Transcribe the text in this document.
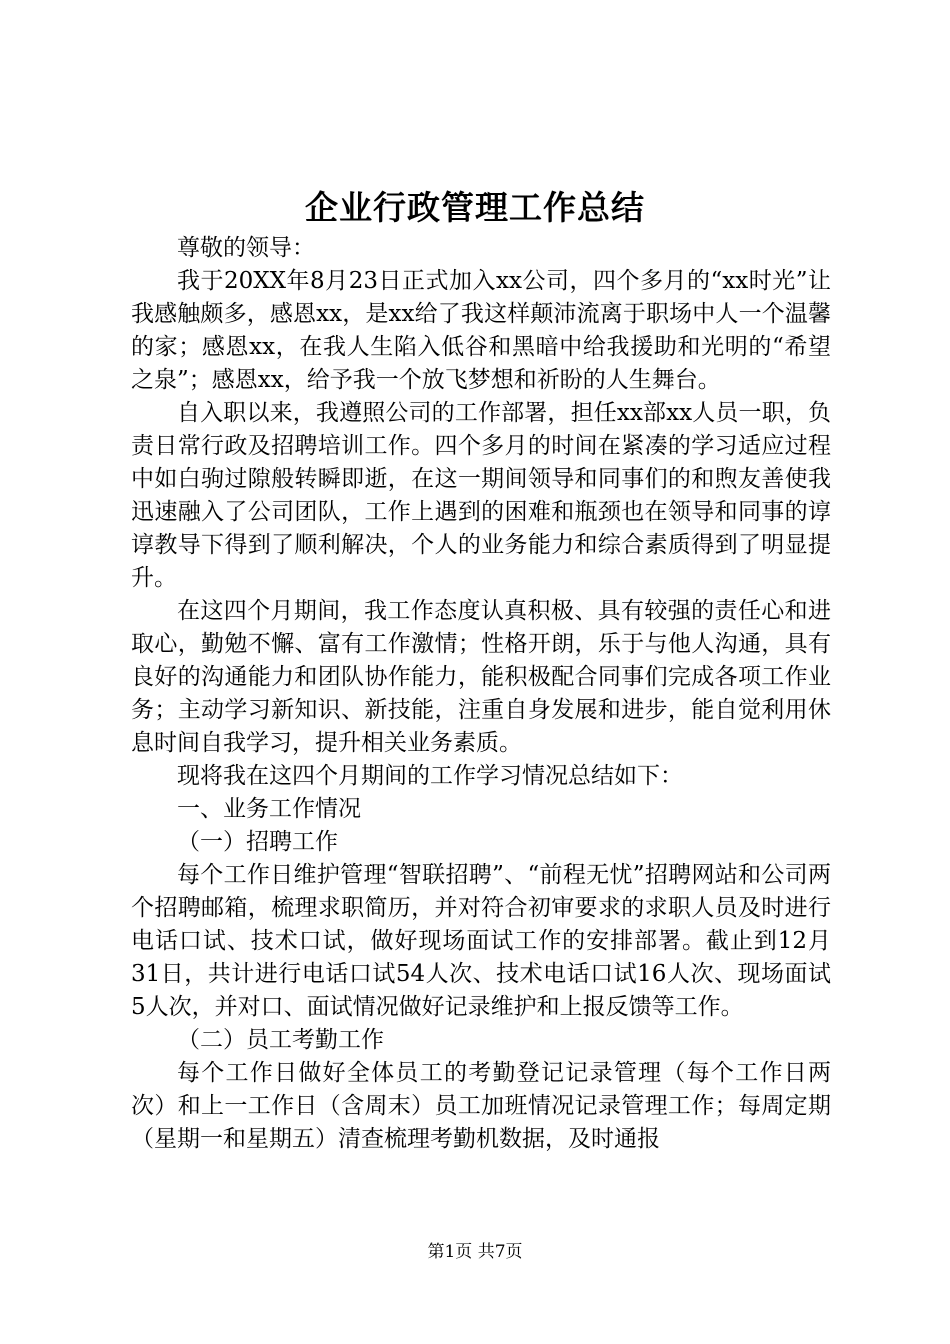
企业行政管理工作总结

尊敬的领导：

我于20XX年8月23日正式加入xx公司，四个多月的“xx时光”让我感触颇多，感恩xx，是xx给了我这样颠沛流离于职场中人一个温馨的家；感恩xx，在我人生陷入低谷和黑暗中给我援助和光明的“希望之泉”；感恩xx，给予我一个放飞梦想和祈盼的人生舞台。

自入职以来，我遵照公司的工作部署，担任xx部xx人员一职，负责日常行政及招聘培训工作。四个多月的时间在紧凑的学习适应过程中如白驹过隙般转瞬即逝，在这一期间领导和同事们的和煦友善使我迅速融入了公司团队，工作上遇到的困难和瓶颈也在领导和同事的谆谆教导下得到了顺利解决，个人的业务能力和综合素质得到了明显提升。

在这四个月期间，我工作态度认真积极、具有较强的责任心和进取心，勤勉不懈、富有工作激情；性格开朗，乐于与他人沟通，具有良好的沟通能力和团队协作能力，能积极配合同事们完成各项工作业务；主动学习新知识、新技能，注重自身发展和进步，能自觉利用休息时间自我学习，提升相关业务素质。

现将我在这四个月期间的工作学习情况总结如下：

一、业务工作情况

（一）招聘工作

每个工作日维护管理“智联招聘”、“前程无忧”招聘网站和公司两个招聘邮箱，梳理求职简历，并对符合初审要求的求职人员及时进行电话口试、技术口试，做好现场面试工作的安排部署。截止到12月31日，共计进行电话口试54人次、技术电话口试16人次、现场面试5人次，并对口、面试情况做好记录维护和上报反馈等工作。

（二）员工考勤工作

每个工作日做好全体员工的考勤登记记录管理（每个工作日两次）和上一工作日（含周末）员工加班情况记录管理工作；每周定期（星期一和星期五）清查梳理考勤机数据，及时通报

第1页 共7页
